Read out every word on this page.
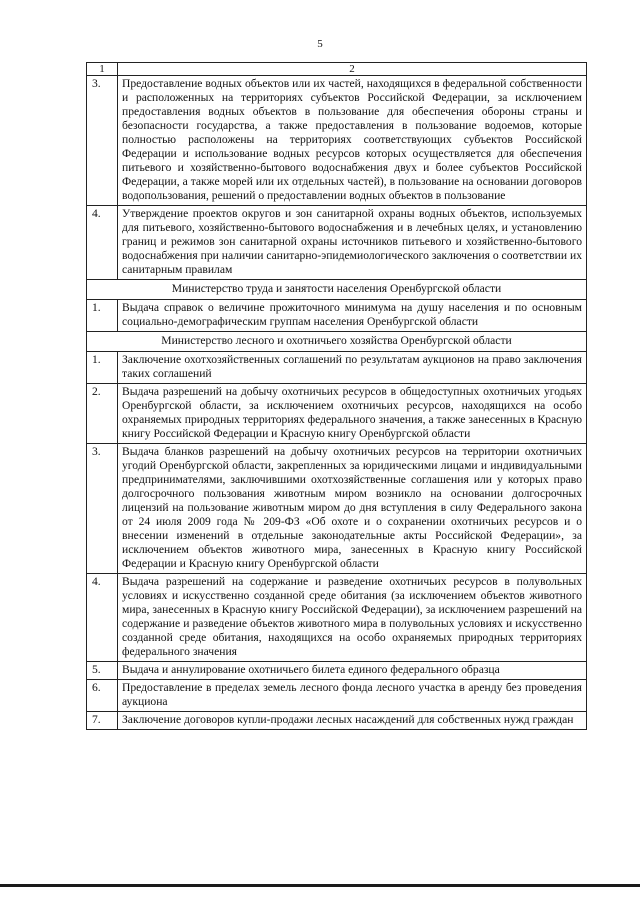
5
1	2
3.	Предоставление водных объектов или их частей, находящихся в федеральной собственности и расположенных на территориях субъектов Российской Федерации, за исключением предоставления водных объектов в пользование для обеспечения обороны страны и безопасности государства, а также предоставления в пользование водоемов, которые полностью расположены на территориях соответствующих субъектов Российской Федерации и использование водных ресурсов которых осуществляется для обеспечения питьевого и хозяйственно-бытового водоснабжения двух и более субъектов Российской Федерации, а также морей или их отдельных частей), в пользование на основании договоров водопользования, решений о предоставлении водных объектов в пользование
4.	Утверждение проектов округов и зон санитарной охраны водных объектов, используемых для питьевого, хозяйственно-бытового водоснабжения и в лечебных целях, и установлению границ и режимов зон санитарной охраны источников питьевого и хозяйственно-бытового водоснабжения при наличии санитарно-эпидемиологического заключения о соответствии их санитарным правилам
Министерство труда и занятости населения Оренбургской области	
1.	Выдача справок о величине прожиточного минимума на душу населения и по основным социально-демографическим группам населения Оренбургской области
Министерство лесного и охотничьего хозяйства Оренбургской области	
1.	Заключение охотхозяйственных соглашений по результатам аукционов на право заключения таких соглашений
2.	Выдача разрешений на добычу охотничьих ресурсов в общедоступных охотничьих угодьях Оренбургской области, за исключением охотничьих ресурсов, находящихся на особо охраняемых природных территориях федерального значения, а также занесенных в Красную книгу Российской Федерации и Красную книгу Оренбургской области
3.	Выдача бланков разрешений на добычу охотничьих ресурсов на территории охотничьих угодий Оренбургской области, закрепленных за юридическими лицами и индивидуальными предпринимателями, заключившими охотхозяйственные соглашения или у которых право долгосрочного пользования животным миром возникло на основании долгосрочных лицензий на пользование животным миром до дня вступления в силу Федерального закона от 24 июля 2009 года № 209-ФЗ «Об охоте и о сохранении охотничьих ресурсов и о внесении изменений в отдельные законодательные акты Российской Федерации», за исключением объектов животного мира, занесенных в Красную книгу Российской Федерации и Красную книгу Оренбургской области
4.	Выдача разрешений на содержание и разведение охотничьих ресурсов в полувольных условиях и искусственно созданной среде обитания (за исключением объектов животного мира, занесенных в Красную книгу Российской Федерации), за исключением разрешений на содержание и разведение объектов животного мира в полувольных условиях и искусственно созданной среде обитания, находящихся на особо охраняемых природных территориях федерального значения
5.	Выдача и аннулирование охотничьего билета единого федерального образца
6.	Предоставление в пределах земель лесного фонда лесного участка в аренду без проведения аукциона
7.	Заключение договоров купли-продажи лесных насаждений для собственных нужд граждан
